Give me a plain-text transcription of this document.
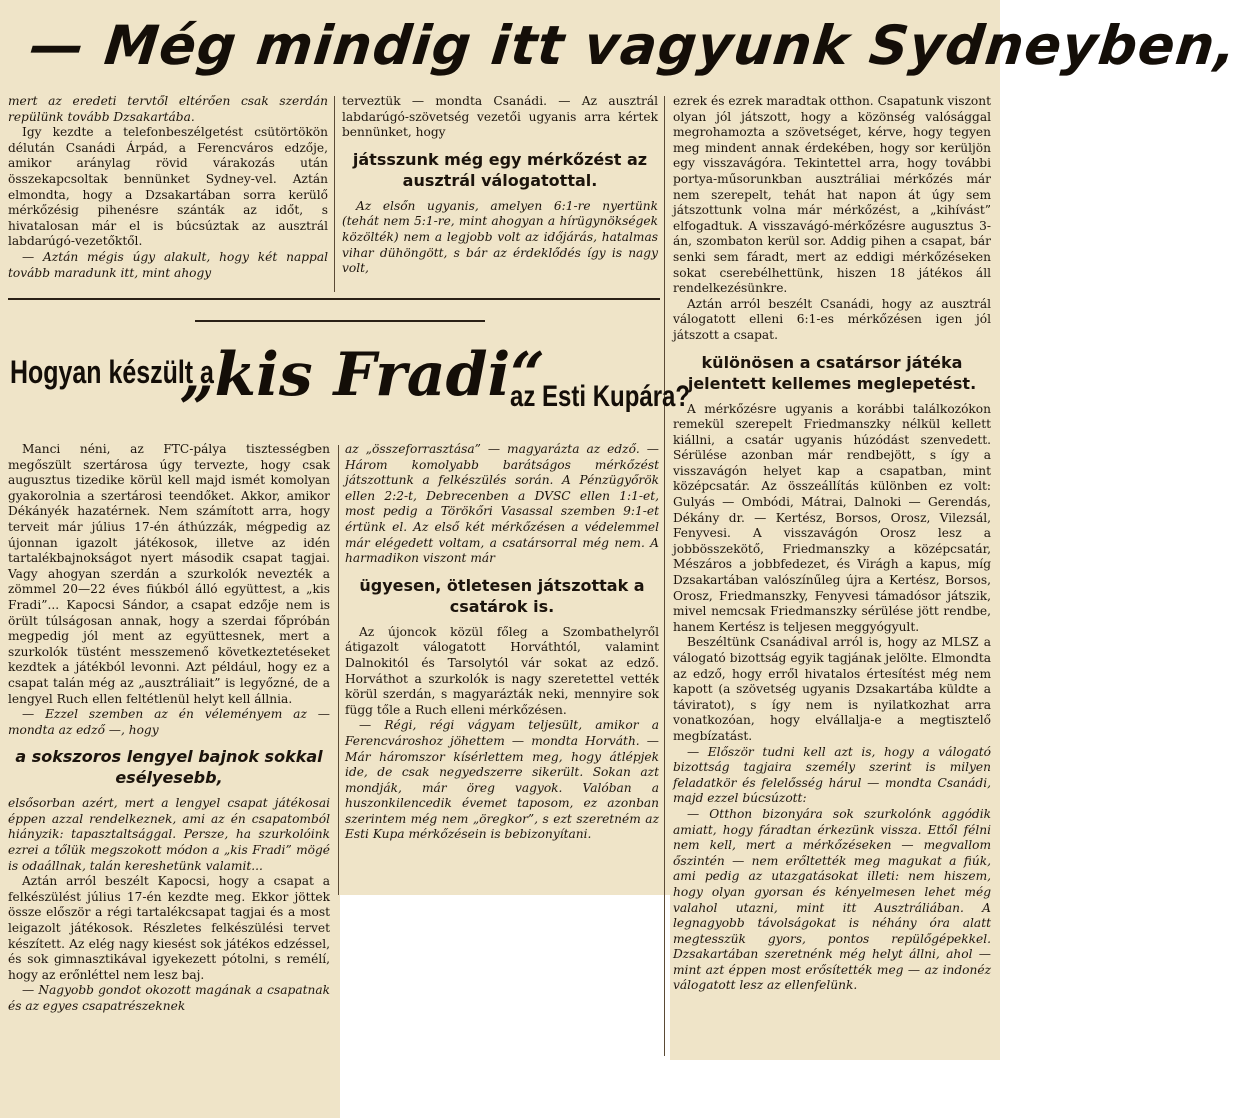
— Még mindig itt vagyunk Sydneyben,

mert az eredeti tervtől eltérően csak szerdán repülünk tovább Dzsakartába.

Igy kezdte a telefonbeszélgetést csütörtökön délután Csanádi Árpád, a Ferencváros edzője, amikor aránylag rövid várakozás után összekapcsoltak bennünket Sydney-vel. Aztán elmondta, hogy a Dzsakartában sorra kerülő mérkőzésig pihenésre szánták az időt, s hivatalosan már el is búcsúztak az ausztrál labdarúgó-vezetőktől.

— Aztán mégis úgy alakult, hogy két nappal tovább maradunk itt, mint ahogy

terveztük — mondta Csanádi. — Az ausztrál labdarúgó-szövetség vezetői ugyanis arra kértek bennünket, hogy

játsszunk még egy mérkőzést az ausztrál válogatottal.

Az elsőn ugyanis, amelyen 6:1-re nyertünk (tehát nem 5:1-re, mint ahogyan a hírügynökségek közölték) nem a legjobb volt az időjárás, hatalmas vihar dühöngött, s bár az érdeklődés így is nagy volt,

ezrek és ezrek maradtak otthon. Csapatunk viszont olyan jól játszott, hogy a közönség valósággal megrohamozta a szövetséget, kérve, hogy tegyen meg mindent annak érdekében, hogy sor kerüljön egy visszavágóra. Tekintettel arra, hogy további portya-műsorunkban ausztráliai mérkőzés már nem szerepelt, tehát hat napon át úgy sem játszottunk volna már mérkőzést, a „kihívást” elfogadtuk. A visszavágó-mérkőzésre augusztus 3-án, szombaton kerül sor. Addig pihen a csapat, bár senki sem fáradt, mert az eddigi mérkőzéseken sokat cserebélhettünk, hiszen 18 játékos áll rendelkezésünkre.

Aztán arról beszélt Csanádi, hogy az ausztrál válogatott elleni 6:1-es mérkőzésen igen jól játszott a csapat.

különösen a csatársor játéka jelentett kellemes meglepetést.

A mérkőzésre ugyanis a korábbi találkozókon remekül szerepelt Friedmanszky nélkül kellett kiállni, a csatár ugyanis húzódást szenvedett. Sérülése azonban már rendbejött, s így a visszavágón helyet kap a csapatban, mint középcsatár. Az összeállítás különben ez volt: Gulyás — Ombódi, Mátrai, Dalnoki — Gerendás, Dékány dr. — Kertész, Borsos, Orosz, Vilezsál, Fenyvesi. A visszavágón Orosz lesz a jobbösszekötő, Friedmanszky a középcsatár, Mészáros a jobbfedezet, és Virágh a kapus, míg Dzsakartában valószínűleg újra a Kertész, Borsos, Orosz, Friedmanszky, Fenyvesi támadósor játszik, mivel nemcsak Friedmanszky sérülése jött rendbe, hanem Kertész is teljesen meggyógyult.

Beszéltünk Csanádival arról is, hogy az MLSZ a válogató bizottság egyik tagjának jelölte. Elmondta az edző, hogy erről hivatalos értesítést még nem kapott (a szövetség ugyanis Dzsakartába küldte a táviratot), s így nem is nyilatkozhat arra vonatkozóan, hogy elvállalja-e a megtisztelő megbízatást.

— Először tudni kell azt is, hogy a válogató bizottság tagjaira személy szerint is milyen feladatkör és felelősség hárul — mondta Csanádi, majd ezzel búcsúzott:

— Otthon bizonyára sok szurkolónk aggódik amiatt, hogy fáradtan érkezünk vissza. Ettől félni nem kell, mert a mérkőzéseken — megvallom őszintén — nem erőltették meg magukat a fiúk, ami pedig az utazgatásokat illeti: nem hiszem, hogy olyan gyorsan és kényelmesen lehet még valahol utazni, mint itt Ausztráliában. A legnagyobb távolságokat is néhány óra alatt megtesszük gyors, pontos repülőgépekkel. Dzsakartában szeretnénk még helyt állni, ahol — mint azt éppen most erősítették meg — az indonéz válogatott lesz az ellenfelünk.

Hogyan készült a
„kis Fradi“
az Esti Kupára?

Manci néni, az FTC-pálya tisztességben megőszült szertárosa úgy tervezte, hogy csak augusztus tizedike körül kell majd ismét komolyan gyakorolnia a szertárosi teendőket. Akkor, amikor Dékányék hazatérnek. Nem számított arra, hogy terveit már július 17-én áthúzzák, mégpedig az újonnan igazolt játékosok, illetve az idén tartalékbajnokságot nyert második csapat tagjai. Vagy ahogyan szerdán a szurkolók nevezték a zömmel 20—22 éves fiúkból álló együttest, a „kis Fradi”... Kapocsi Sándor, a csapat edzője nem is örült túlságosan annak, hogy a szerdai főpróbán megpedig jól ment az együttesnek, mert a szurkolók tüstént messzemenő következtetéseket kezdtek a játékból levonni. Azt például, hogy ez a csapat talán még az „ausztráliait” is legyőzné, de a lengyel Ruch ellen feltétlenül helyt kell állnia.

— Ezzel szemben az én véleményem az — mondta az edző —, hogy

a sokszoros lengyel bajnok sokkal esélyesebb,

elsősorban azért, mert a lengyel csapat játékosai éppen azzal rendelkeznek, ami az én csapatomból hiányzik: tapasztaltsággal. Persze, ha szurkolóink ezrei a tőlük megszokott módon a „kis Fradi” mögé is odaállnak, talán kereshetünk valamit...

Aztán arról beszélt Kapocsi, hogy a csapat a felkészülést július 17-én kezdte meg. Ekkor jöttek össze először a régi tartalékcsapat tagjai és a most leigazolt játékosok. Részletes felkészülési tervet készített. Az elég nagy kiesést sok játékos edzéssel, és sok gimnasztikával igyekezett pótolni, s remélí, hogy az erőnléttel nem lesz baj.

— Nagyobb gondot okozott magának a csapatnak és az egyes csapatrészeknek

az „összeforrasztása” — magyarázta az edző. — Három komolyabb barátságos mérkőzést játszottunk a felkészülés során. A Pénzügyőrök ellen 2:2-t, Debrecenben a DVSC ellen 1:1-et, most pedig a Törökőri Vasassal szemben 9:1-et értünk el. Az első két mérkőzésen a védelemmel már elégedett voltam, a csatársorral még nem. A harmadikon viszont már

ügyesen, ötletesen játszottak a csatárok is.

Az újoncok közül főleg a Szombathelyről átigazolt válogatott Horváthtól, valamint Dalnokitól és Tarsolytól vár sokat az edző. Horváthot a szurkolók is nagy szeretettel vették körül szerdán, s magyarázták neki, mennyire sok függ tőle a Ruch elleni mérkőzésen.

— Régi, régi vágyam teljesült, amikor a Ferencvároshoz jöhettem — mondta Horváth. — Már háromszor kísérlettem meg, hogy átlépjek ide, de csak negyedszerre sikerült. Sokan azt mondják, már öreg vagyok. Valóban a huszonkilencedik évemet taposom, ez azonban szerintem még nem „öregkor”, s ezt szeretném az Esti Kupa mérkőzésein is bebizonyítani.
